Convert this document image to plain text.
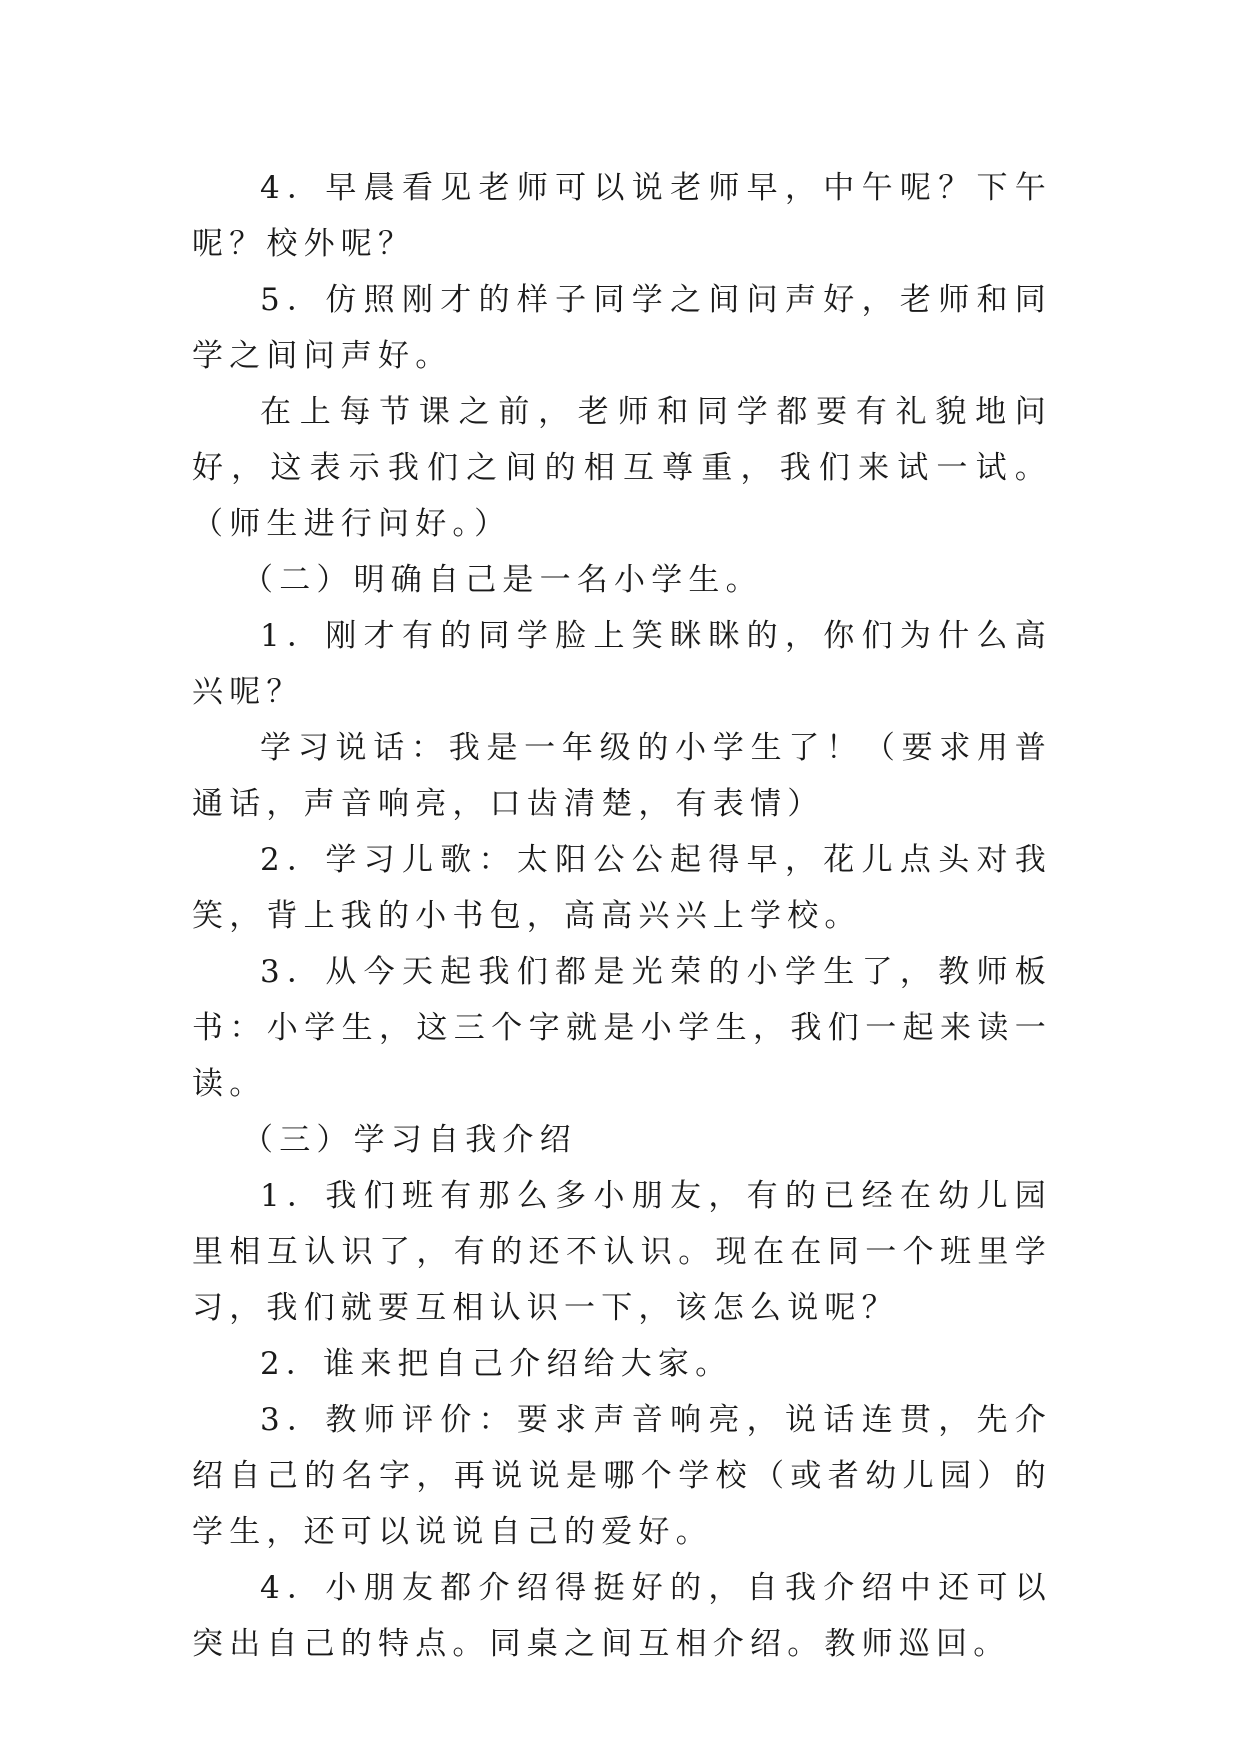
4．早晨看见老师可以说老师早，中午呢？下午呢？校外呢？

5．仿照刚才的样子同学之间问声好，老师和同学之间问声好。

在上每节课之前，老师和同学都要有礼貌地问好，这表示我们之间的相互尊重，我们来试一试。（师生进行问好。）

（二）明确自己是一名小学生。

1．刚才有的同学脸上笑眯眯的，你们为什么高兴呢？

学习说话：我是一年级的小学生了！（要求用普通话，声音响亮，口齿清楚，有表情）

2．学习儿歌：太阳公公起得早，花儿点头对我笑，背上我的小书包，高高兴兴上学校。

3．从今天起我们都是光荣的小学生了，教师板书：小学生，这三个字就是小学生，我们一起来读一读。

（三）学习自我介绍

1．我们班有那么多小朋友，有的已经在幼儿园里相互认识了，有的还不认识。现在在同一个班里学习，我们就要互相认识一下，该怎么说呢？

2．谁来把自己介绍给大家。

3．教师评价：要求声音响亮，说话连贯，先介绍自己的名字，再说说是哪个学校（或者幼儿园）的学生，还可以说说自己的爱好。

4．小朋友都介绍得挺好的，自我介绍中还可以突出自己的特点。同桌之间互相介绍。教师巡回。
